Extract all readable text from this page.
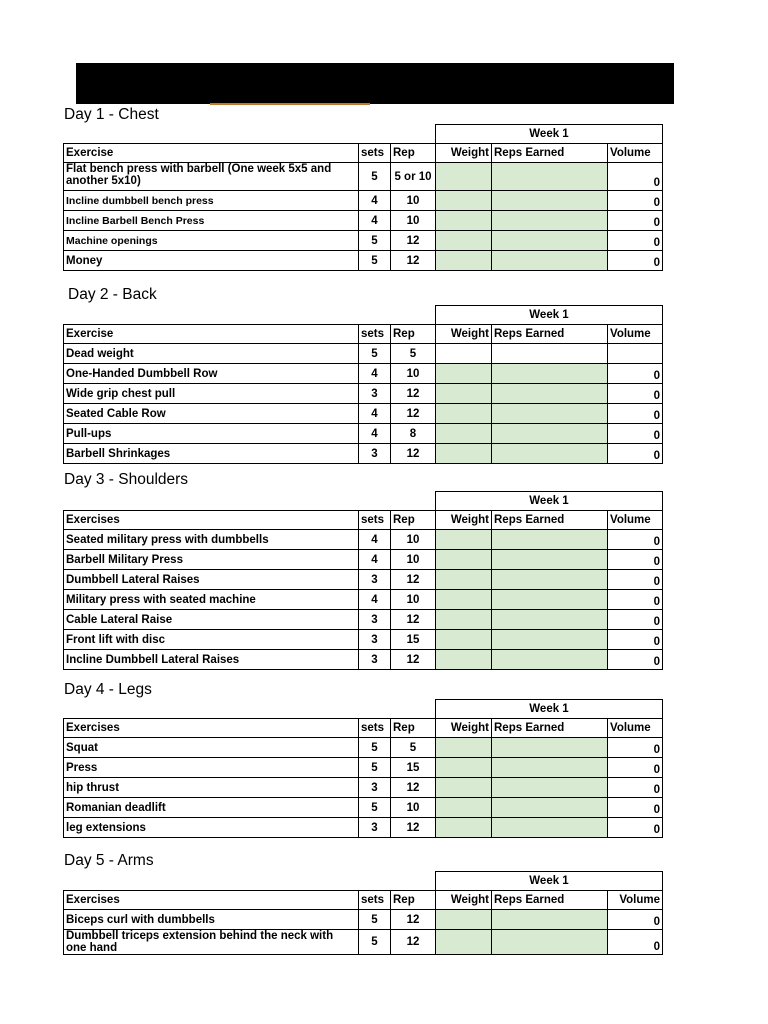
Day 1 - Chest
			Week 1		
Exercise	sets	Rep	Weight	Reps Earned	Volume
Flat bench press with barbell (One week 5x5 and another 5x10)	5	5 or 10			0
Incline dumbbell bench press	4	10			0
Incline Barbell Bench Press	4	10			0
Machine openings	5	12			0
Money	5	12			0
Day 2 - Back
			Week 1		
Exercise	sets	Rep	Weight	Reps Earned	Volume
Dead weight	5	5			
One-Handed Dumbbell Row	4	10			0
Wide grip chest pull	3	12			0
Seated Cable Row	4	12			0
Pull-ups	4	8			0
Barbell Shrinkages	3	12			0
Day 3 - Shoulders
			Week 1		
Exercises	sets	Rep	Weight	Reps Earned	Volume
Seated military press with dumbbells	4	10			0
Barbell Military Press	4	10			0
Dumbbell Lateral Raises	3	12			0
Military press with seated machine	4	10			0
Cable Lateral Raise	3	12			0
Front lift with disc	3	15			0
Incline Dumbbell Lateral Raises	3	12			0
Day 4 - Legs
			Week 1		
Exercises	sets	Rep	Weight	Reps Earned	Volume
Squat	5	5			0
Press	5	15			0
hip thrust	3	12			0
Romanian deadlift	5	10			0
leg extensions	3	12			0
Day 5 - Arms
			Week 1		
Exercises	sets	Rep	Weight	Reps Earned	Volume
Biceps curl with dumbbells	5	12			0
Dumbbell triceps extension behind the neck with one hand	5	12			0
